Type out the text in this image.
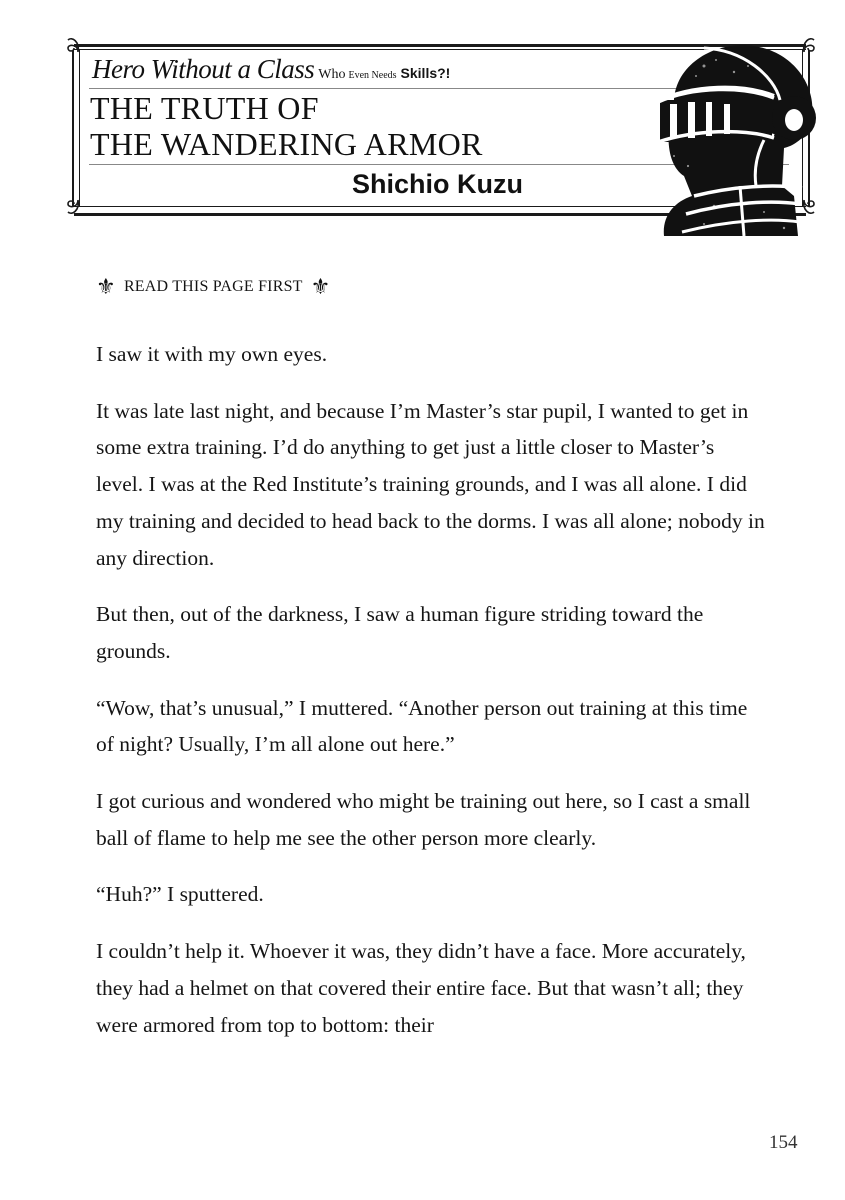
Hero Without a Class Who Even Needs Skills?!
THE TRUTH OF
THE WANDERING ARMOR
Shichio Kuzu
⚜ READ THIS PAGE FIRST ⚜

I saw it with my own eyes.

It was late last night, and because I’m Master’s star pupil, I wanted to get in some extra training. I’d do anything to get just a little closer to Master’s level. I was at the Red Institute’s training grounds, and I was all alone. I did my training and decided to head back to the dorms. I was all alone; nobody in any direction.

But then, out of the darkness, I saw a human figure striding toward the grounds.

“Wow, that’s unusual,” I muttered. “Another person out training at this time of night? Usually, I’m all alone out here.”

I got curious and wondered who might be training out here, so I cast a small ball of flame to help me see the other person more clearly.

“Huh?” I sputtered.

I couldn’t help it. Whoever it was, they didn’t have a face. More accurately, they had a helmet on that covered their entire face. But that wasn’t all; they were armored from top to bottom: their

154
